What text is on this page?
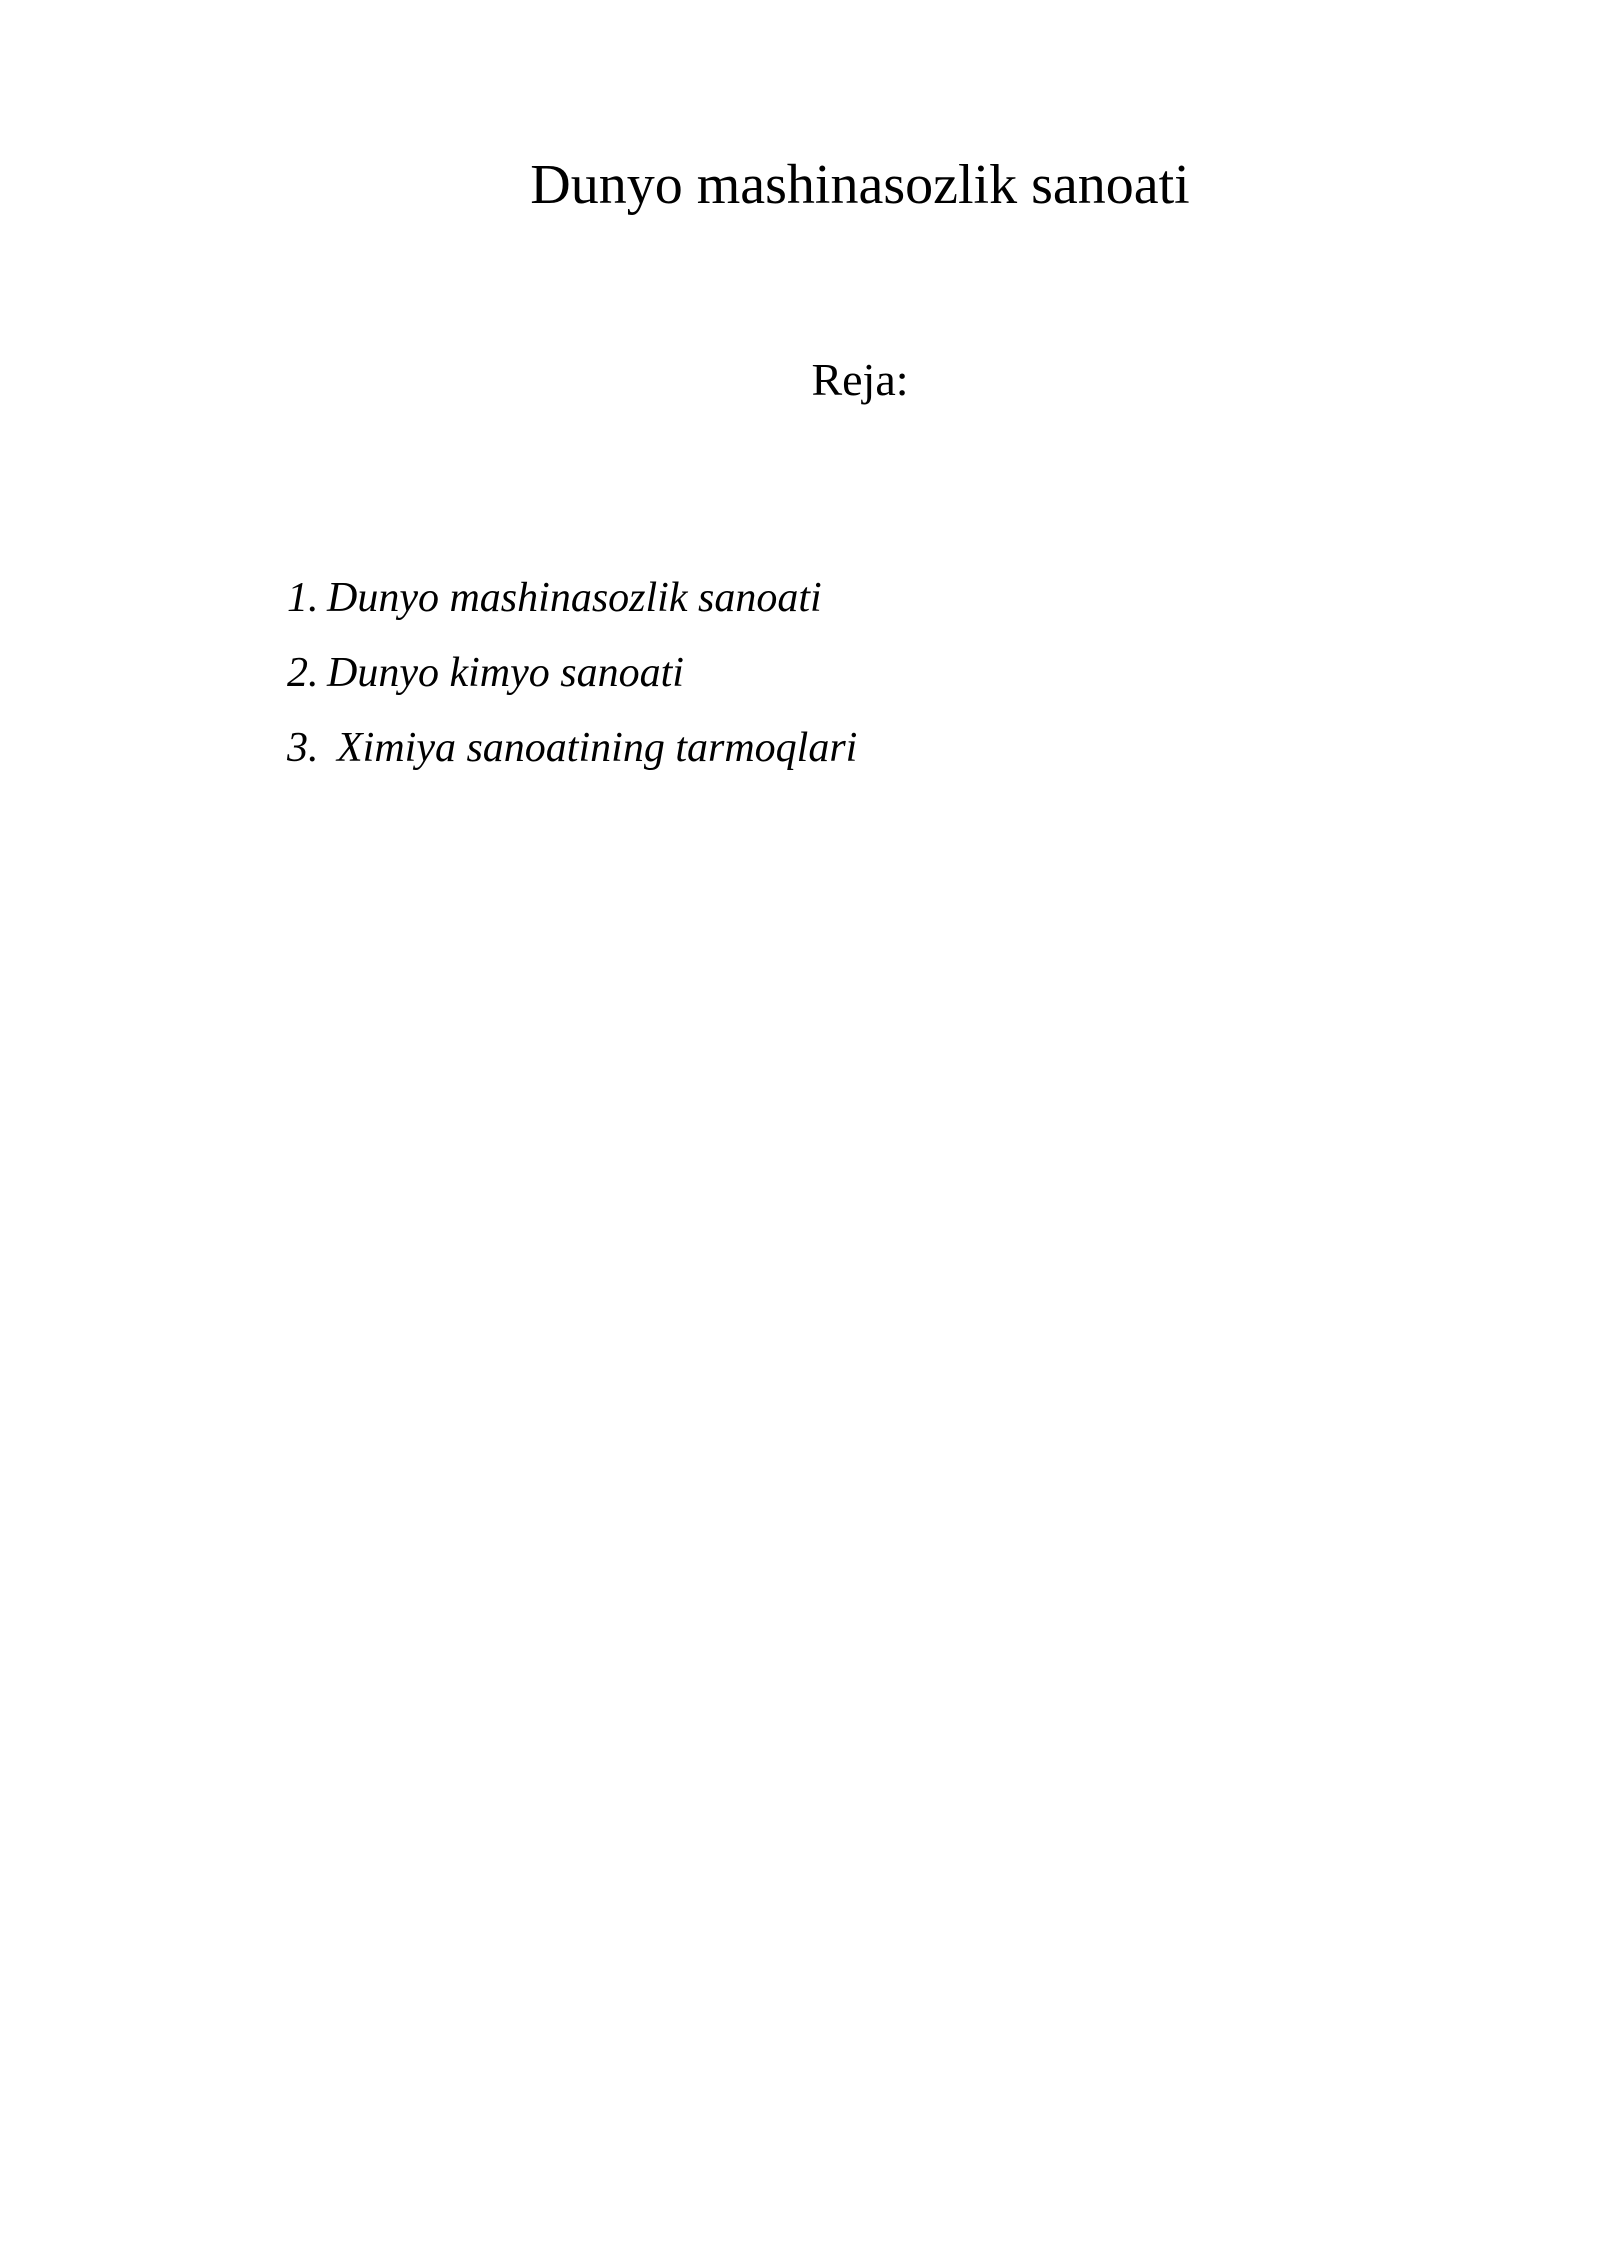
Dunyo mashinasozlik sanoati
Reja:
1. Dunyo mashinasozlik sanoati
2. Dunyo kimyo sanoati
3. Ximiya sanoatining tarmoqlari
